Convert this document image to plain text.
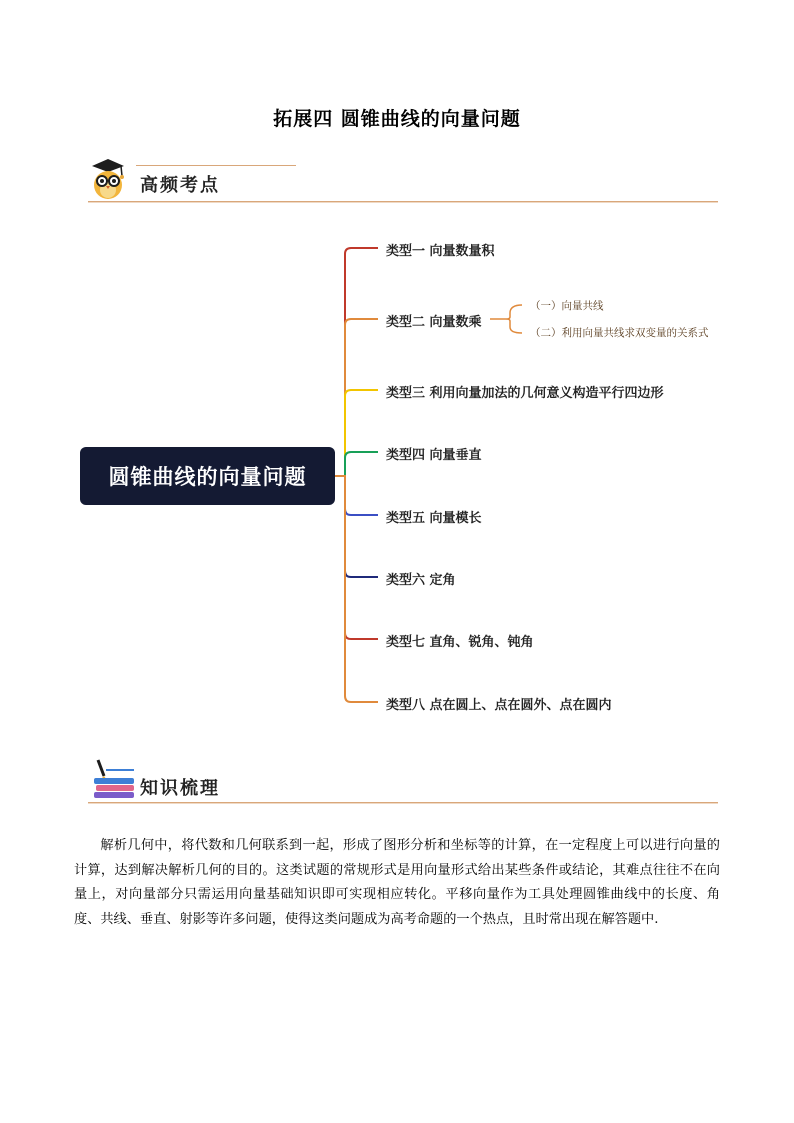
拓展四 圆锥曲线的向量问题
高频考点
圆锥曲线的向量问题
类型一 向量数量积
类型二 向量数乘
（一）向量共线
（二）利用向量共线求双变量的关系式
类型三 利用向量加法的几何意义构造平行四边形
类型四 向量垂直
类型五 向量模长
类型六 定角
类型七 直角、锐角、钝角
类型八 点在圆上、点在圆外、点在圆内
知识梳理
解析几何中，将代数和几何联系到一起，形成了图形分析和坐标等的计算，在一定程度上可以进行向量的计算，达到解决解析几何的目的。这类试题的常规形式是用向量形式给出某些条件或结论，其难点往往不在向量上，对向量部分只需运用向量基础知识即可实现相应转化。平移向量作为工具处理圆锥曲线中的长度、角度、共线、垂直、射影等许多问题，使得这类问题成为高考命题的一个热点，且时常出现在解答题中.
